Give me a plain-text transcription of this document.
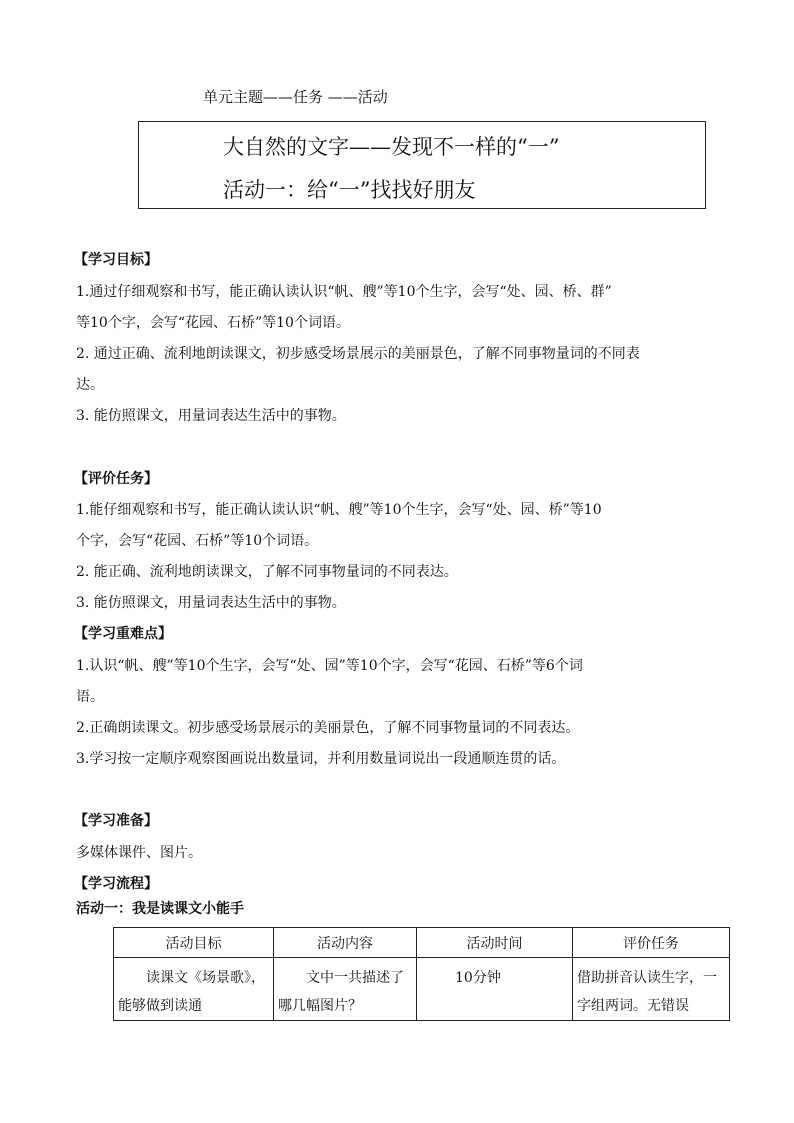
单元主题——任务 ——活动
大自然的文字——发现不一样的“一”
活动一：给“一”找找好朋友
【学习目标】
1.通过仔细观察和书写，能正确认读认识“帆、艘”等10个生字，会写“处、园、桥、群”
等10个字，会写“花园、石桥”等10个词语。
2. 通过正确、流利地朗读课文，初步感受场景展示的美丽景色，了解不同事物量词的不同表
达。
3. 能仿照课文，用量词表达生活中的事物。
【评价任务】
1.能仔细观察和书写，能正确认读认识“帆、艘”等10个生字，会写“处、园、桥”等10
个字，会写“花园、石桥”等10个词语。
2. 能正确、流利地朗读课文，了解不同事物量词的不同表达。
3. 能仿照课文，用量词表达生活中的事物。
【学习重难点】
1.认识“帆、艘”等10个生字，会写“处、园”等10个字，会写“花园、石桥”等6个词
语。
2.正确朗读课文。初步感受场景展示的美丽景色，了解不同事物量词的不同表达。
3.学习按一定顺序观察图画说出数量词，并利用数量词说出一段通顺连贯的话。
【学习准备】
多媒体课件、图片。
【学习流程】
活动一：我是读课文小能手
活动目标	活动内容	活动时间	评价任务
读课文《场景歌》，能够做到读通	文中一共描述了哪几幅图片？	10分钟	借助拼音认读生字，一字组两词。无错误
